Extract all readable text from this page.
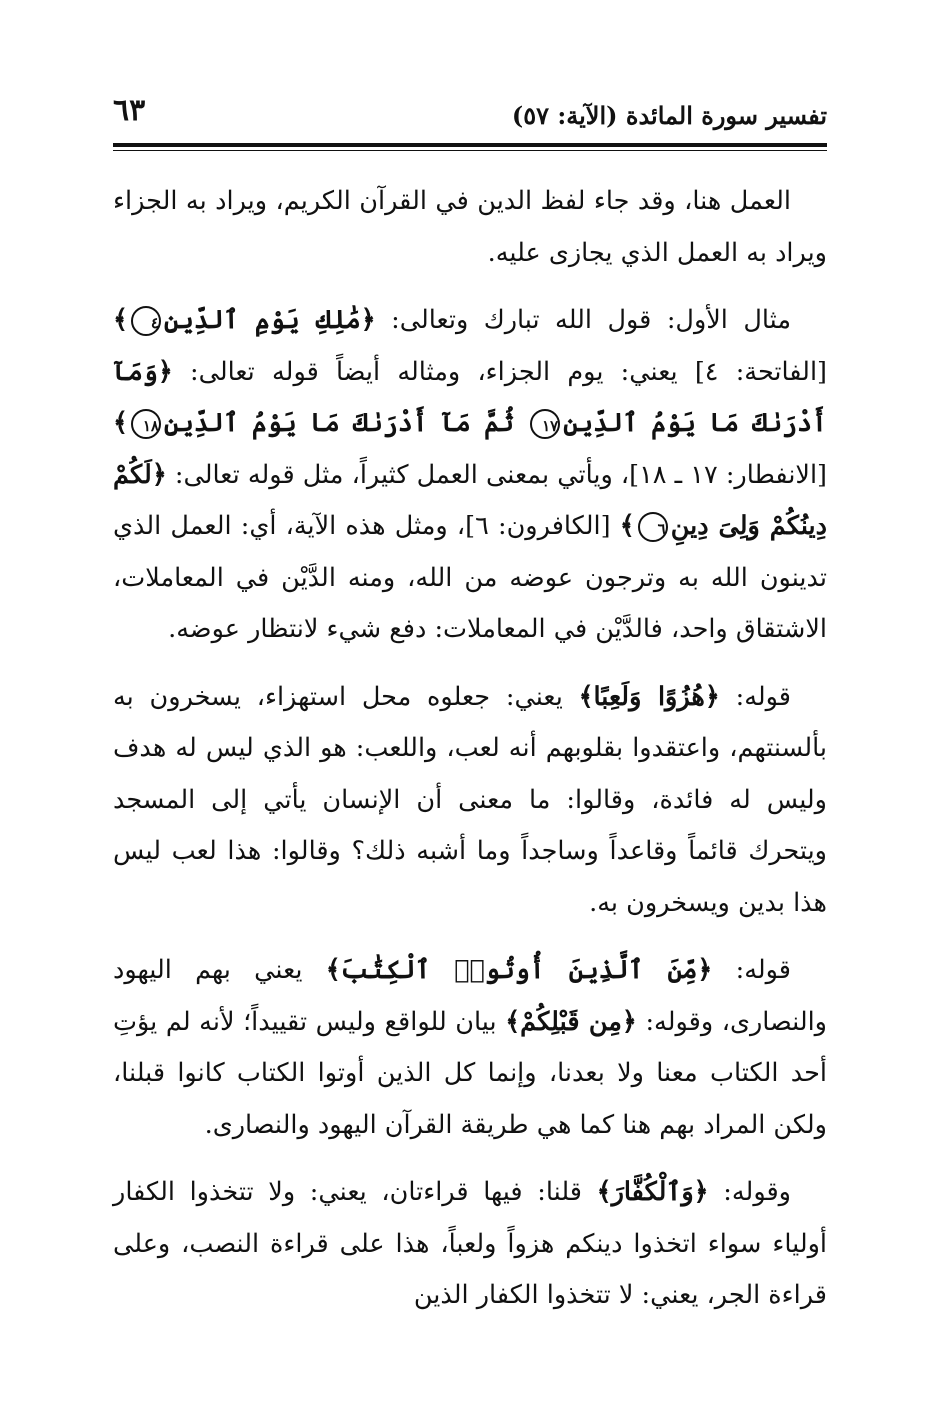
تفسير سورة المائدة (الآية: ٥٧)
٦٣

العمل هنا، وقد جاء لفظ الدين في القرآن الكريم، ويراد به الجزاء ويراد به العمل الذي يجازى عليه.

مثال الأول: قول الله تبارك وتعالى: ﴿مَٰلِكِ يَوْمِ ٱلدِّينِ٤﴾ [الفاتحة: ٤] يعني: يوم الجزاء، ومثاله أيضاً قوله تعالى: ﴿وَمَآ أَدْرَىٰكَ مَا يَوْمُ ٱلدِّينِ١٧ ثُمَّ مَآ أَدْرَىٰكَ مَا يَوْمُ ٱلدِّينِ١٨﴾ [الانفطار: ١٧ ـ ١٨]، ويأتي بمعنى العمل كثيراً، مثل قوله تعالى: ﴿لَكُمْ دِينُكُمْ وَلِىَ دِينِ٦﴾ [الكافرون: ٦]، ومثل هذه الآية، أي: العمل الذي تدينون الله به وترجون عوضه من الله، ومنه الدَّيْن في المعاملات، الاشتقاق واحد، فالدَّيْن في المعاملات: دفع شيء لانتظار عوضه.

قوله: ﴿هُزُوًا وَلَعِبًا﴾ يعني: جعلوه محل استهزاء، يسخرون به بألسنتهم، واعتقدوا بقلوبهم أنه لعب، واللعب: هو الذي ليس له هدف وليس له فائدة، وقالوا: ما معنى أن الإنسان يأتي إلى المسجد ويتحرك قائماً وقاعداً وساجداً وما أشبه ذلك؟ وقالوا: هذا لعب ليس هذا بدين ويسخرون به.

قوله: ﴿مِّنَ ٱلَّذِينَ أُوتُوا۟ ٱلْكِتَٰبَ﴾ يعني بهم اليهود والنصارى، وقوله: ﴿مِن قَبْلِكُمْ﴾ بيان للواقع وليس تقييداً؛ لأنه لم يؤتِ أحد الكتاب معنا ولا بعدنا، وإنما كل الذين أوتوا الكتاب كانوا قبلنا، ولكن المراد بهم هنا كما هي طريقة القرآن اليهود والنصارى.

وقوله: ﴿وَٱلْكُفَّارَ﴾ قلنا: فيها قراءتان، يعني: ولا تتخذوا الكفار أولياء سواء اتخذوا دينكم هزواً ولعباً، هذا على قراءة النصب، وعلى قراءة الجر، يعني: لا تتخذوا الكفار الذين
